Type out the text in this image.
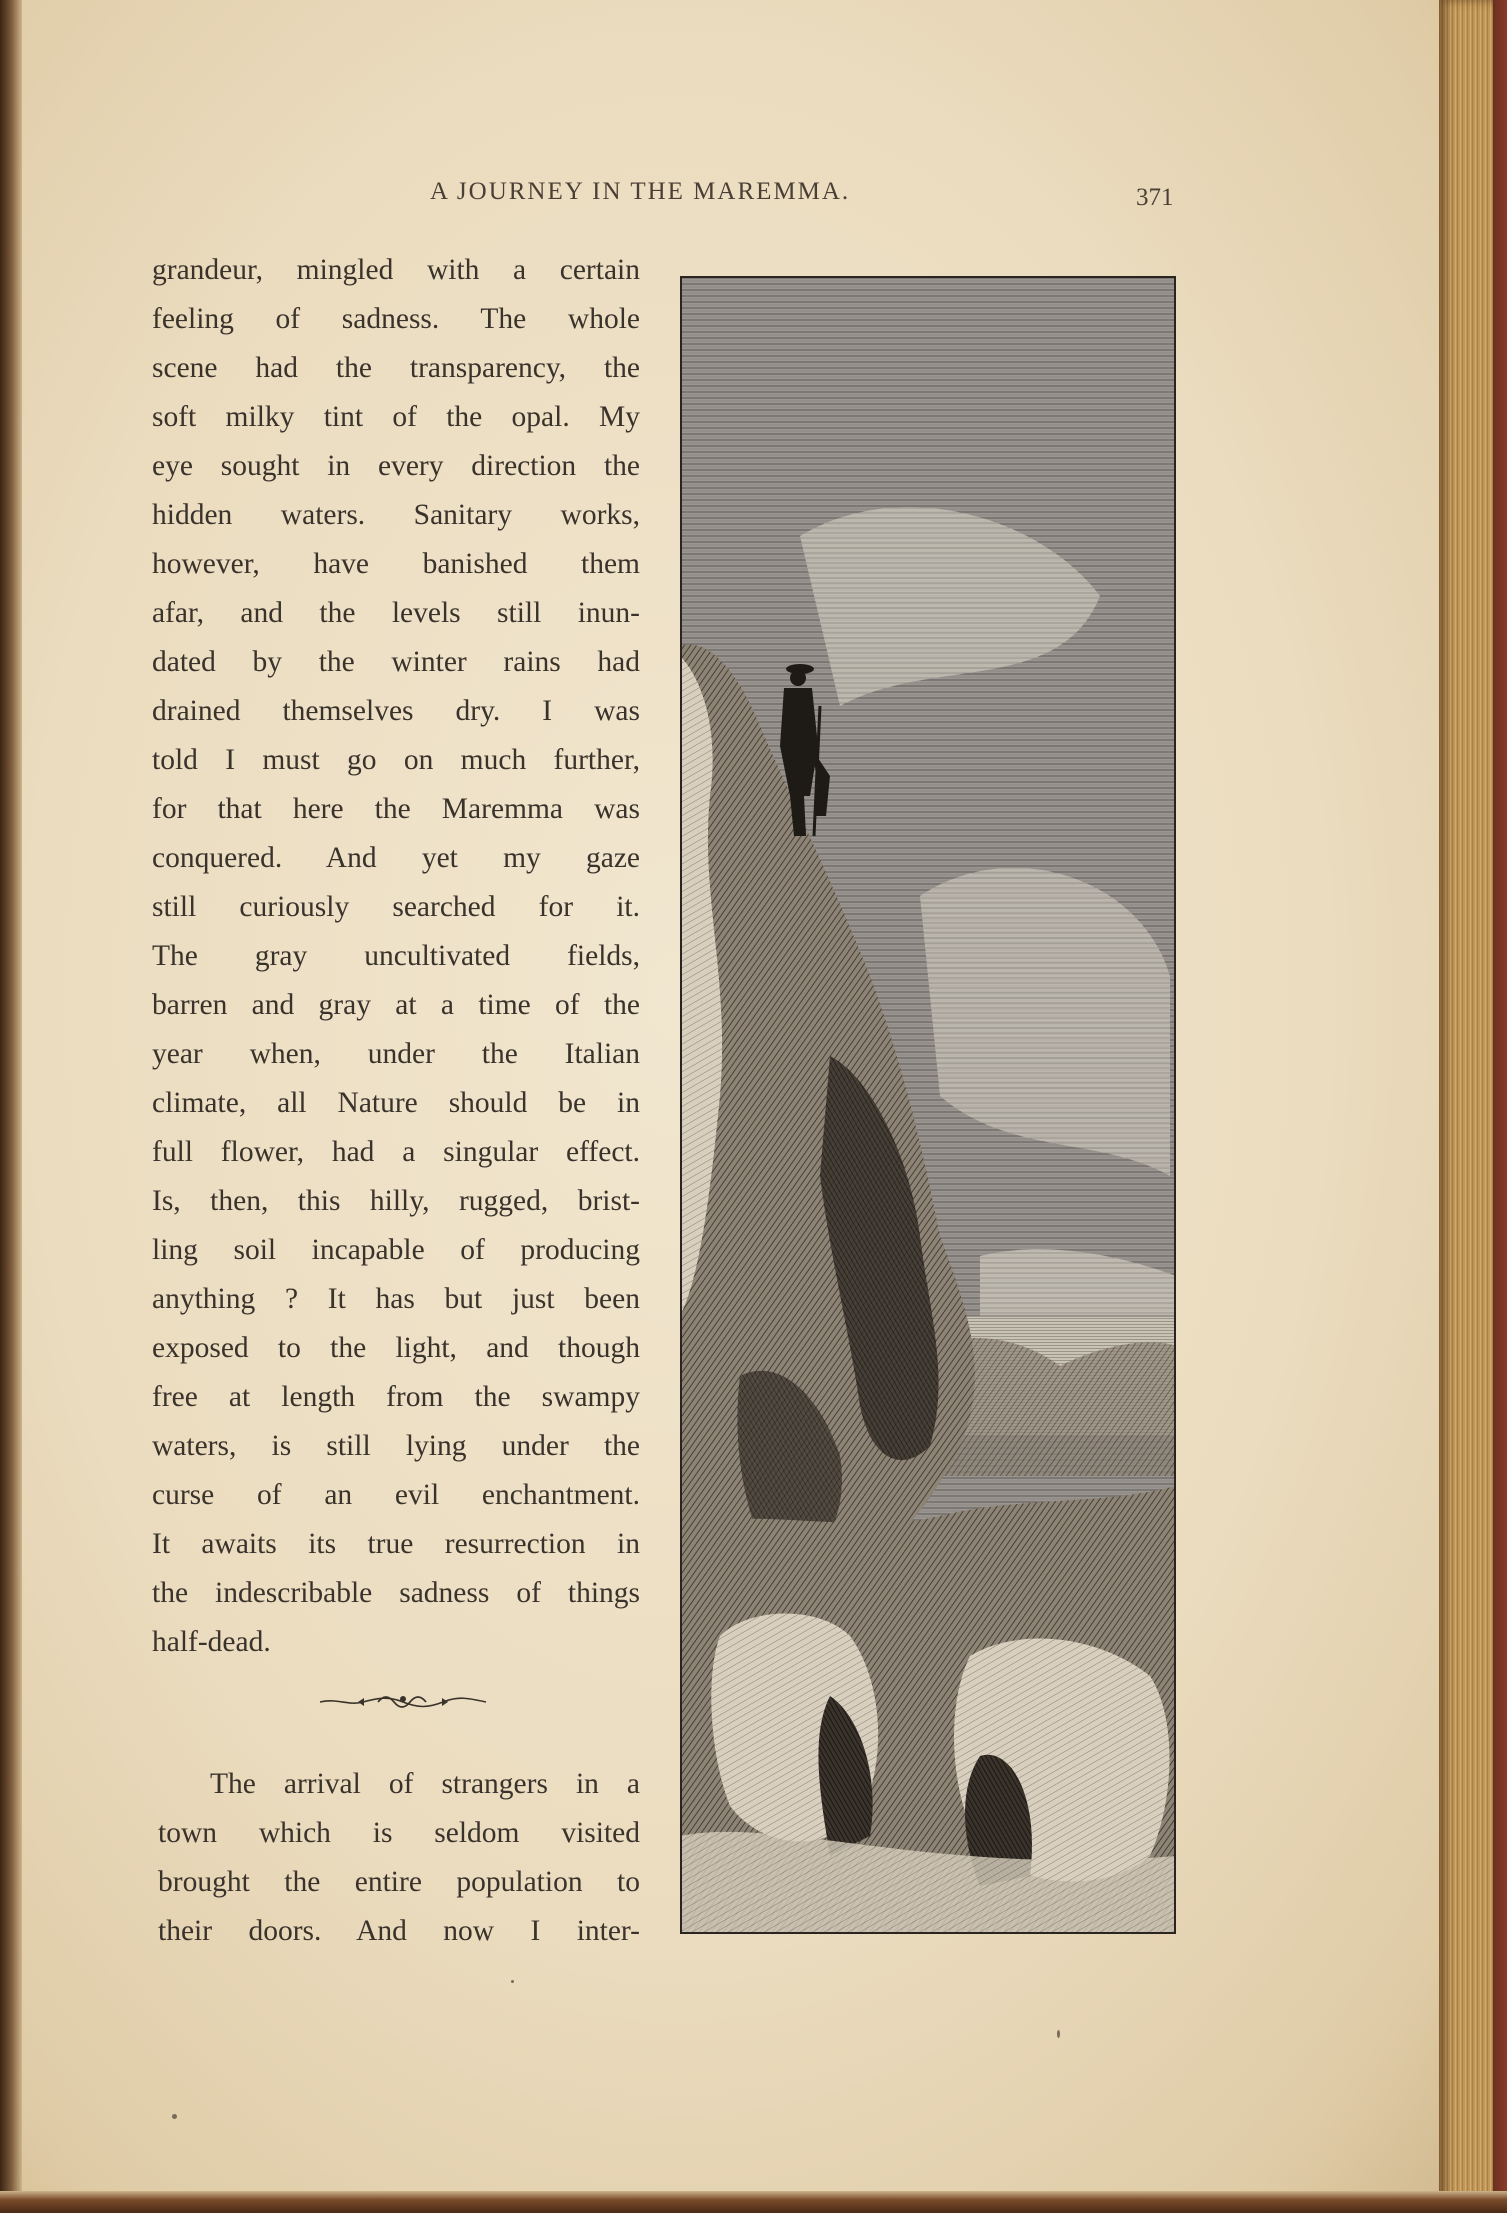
A JOURNEY IN THE MAREMMA.	371
grandeur, mingled with a certain
feeling of sadness. The whole
scene had the transparency, the
soft milky tint of the opal. My
eye sought in every direction the
hidden waters. Sanitary works,
however, have banished them
afar, and the levels still inun-
dated by the winter rains had
drained themselves dry. I was
told I must go on much further,
for that here the Maremma was
conquered. And yet my gaze
still curiously searched for it.
The gray uncultivated fields,
barren and gray at a time of the
year when, under the Italian
climate, all Nature should be in
full flower, had a singular effect.
Is, then, this hilly, rugged, brist-
ling soil incapable of producing
anything ? It has but just been
exposed to the light, and though
free at length from the swampy
waters, is still lying under the
curse of an evil enchantment.
It awaits its true resurrection in
the indescribable sadness of things
half-dead.
The arrival of strangers in a
town which is seldom visited
brought the entire population to
their doors. And now I inter-
